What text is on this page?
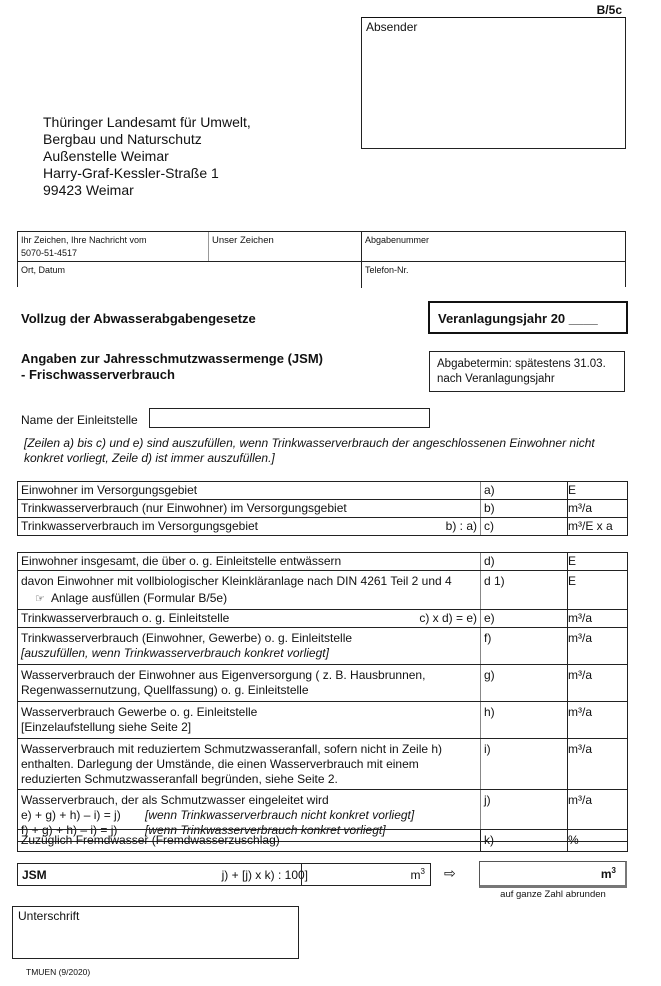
B/5c
Absender
Thüringer Landesamt für Umwelt,
Bergbau und Naturschutz
Außenstelle Weimar
Harry-Graf-Kessler-Straße 1
99423 Weimar
Ihr Zeichen, Ihre Nachricht vom
5070-51-4517
Unser Zeichen	Abgabenummer
Ort, Datum	Telefon-Nr.
Vollzug der Abwasserabgabengesetze	Veranlagungsjahr 20 ____
Angaben zur Jahresschmutzwassermenge (JSM)
- Frischwasserverbrauch
Abgabetermin: spätestens 31.03.
nach Veranlagungsjahr
Name der Einleitstelle
[Zeilen a) bis c) und e) sind auszufüllen, wenn Trinkwasserverbrauch der angeschlossenen Einwohner nicht konkret vorliegt, Zeile d) ist immer auszufüllen.]
Einwohner im Versorgungsgebiet	a)	E
Trinkwasserverbrauch (nur Einwohner) im Versorgungsgebiet	b)	m³/a
Trinkwasserverbrauch im Versorgungsgebiet b) : a)	c)	m³/E x a
Einwohner insgesamt, die über o. g. Einleitstelle entwässern	d)	E

davon Einwohner mit vollbiologischer Kleinkläranlage nach DIN 4261 Teil 2 und 4
☞ Anlage ausfüllen (Formular B/5e)	d 1)	E
Trinkwasserverbrauch o. g. Einleitstelle c) x d) = e)	e)	m³/a

Trinkwasserverbrauch (Einwohner, Gewerbe) o. g. Einleitstelle
[auszufüllen, wenn Trinkwasserverbrauch konkret vorliegt]	f)	m³/a

Wasserverbrauch der Einwohner aus Eigenversorgung ( z. B. Hausbrunnen, Regenwassernutzung, Quellfassung) o. g. Einleitstelle	g)	m³/a

Wasserverbrauch Gewerbe o. g. Einleitstelle
[Einzelaufstellung siehe Seite 2]	h)	m³/a

Wasserverbrauch mit reduziertem Schmutzwasseranfall, sofern nicht in Zeile h) enthalten. Darlegung der Umstände, die einen Wasserverbrauch mit einem reduzierten Schmutzwasseranfall begründen, siehe Seite 2.	i)	m³/a

Wasserverbrauch, der als Schmutzwasser eingeleitet wird
e) + g) + h) – i) = j) [wenn Trinkwasserverbrauch nicht konkret vorliegt]
f) + g) + h) – i) = j) [wenn Trinkwasserverbrauch konkret vorliegt]	j)	m³/a
Zuzüglich Fremdwasser (Fremdwasserzuschlag)	k)	%
JSM	j) + [j) x k) : 100]	$m^3$ ⇨	$m^3$
auf ganze Zahl abrunden
Unterschrift
TMUEN (9/2020)
